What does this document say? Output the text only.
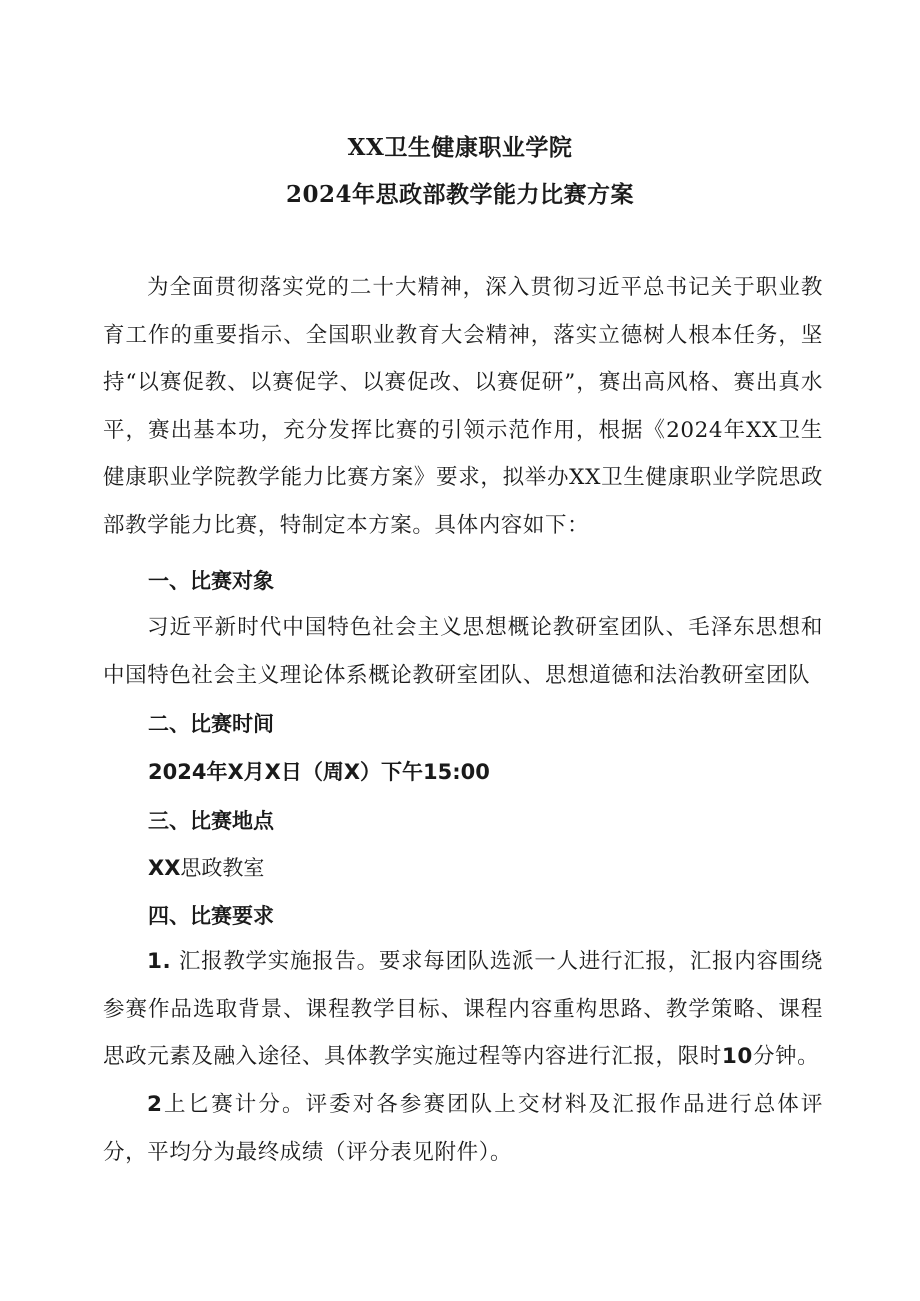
XX卫生健康职业学院
2024年思政部教学能力比赛方案

为全面贯彻落实党的二十大精神，深入贯彻习近平总书记关于职业教育工作的重要指示、全国职业教育大会精神，落实立德树人根本任务，坚持“以赛促教、以赛促学、以赛促改、以赛促研”，赛出高风格、赛出真水平，赛出基本功，充分发挥比赛的引领示范作用，根据《2024年XX卫生健康职业学院教学能力比赛方案》要求，拟举办XX卫生健康职业学院思政部教学能力比赛，特制定本方案。具体内容如下：

一、比赛对象

习近平新时代中国特色社会主义思想概论教研室团队、毛泽东思想和中国特色社会主义理论体系概论教研室团队、思想道德和法治教研室团队

二、比赛时间
2024年X月X日（周X）下午15:00
三、比赛地点
XX思政教室
四、比赛要求

1. 汇报教学实施报告。要求每团队选派一人进行汇报，汇报内容围绕参赛作品选取背景、课程教学目标、课程内容重构思路、教学策略、课程思政元素及融入途径、具体教学实施过程等内容进行汇报，限时10分钟。

2上匕赛计分。评委对各参赛团队上交材料及汇报作品进行总体评分，平均分为最终成绩（评分表见附件）。
